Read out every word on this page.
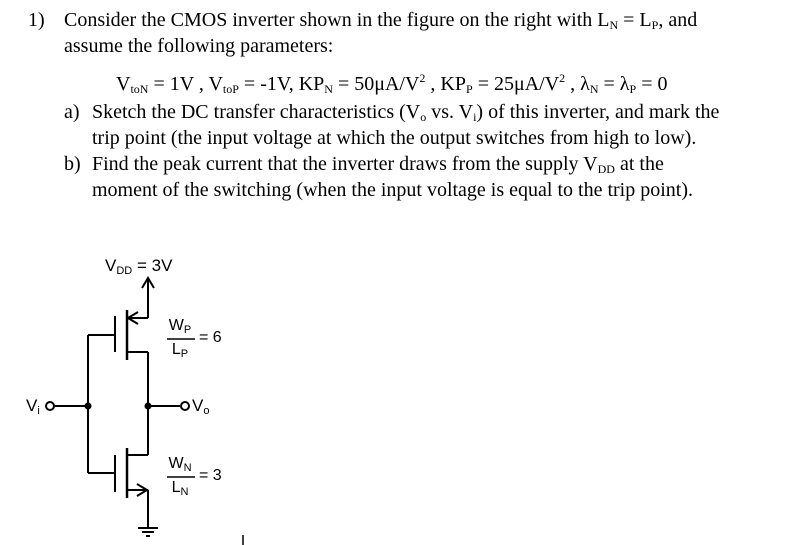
1) Consider the CMOS inverter shown in the figure on the right with $L_N = L_P$, and
assume the following parameters:
$V_{toN} = 1V$ , $V_{toP} = -1V$, $KP_N = 50\mu A/V^2$ , $KP_P = 25\mu A/V^2$ , $\lambda_N = \lambda_P = 0$
a) Sketch the DC transfer characteristics ($V_o$ vs. $V_i$) of this inverter, and mark the
trip point (the input voltage at which the output switches from high to low).
b) Find the peak current that the inverter draws from the supply $V_{DD}$ at the
moment of the switching (when the input voltage is equal to the trip point).
VDD = 3V
Vi	Vo
WP
LP
= 6
WN
LN
= 3
